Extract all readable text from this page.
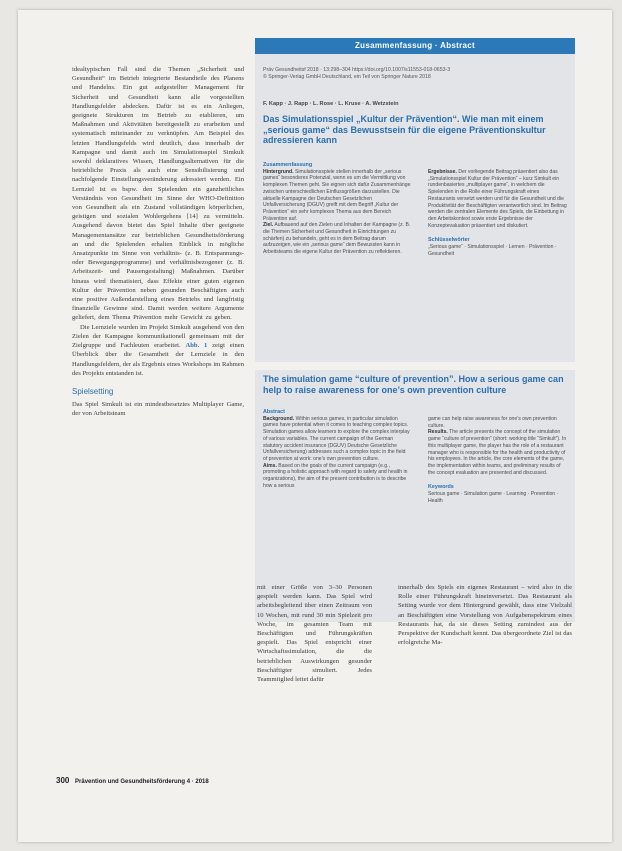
idealtypischen Fall sind die Themen „Sicherheit und Gesundheit“ im Betrieb integrierte Bestandteile des Planens und Handelns. Ein gut aufgestellter Management für Sicherheit und Gesundheit kann alle vorgestellten Handlungsfelder abdecken. Dafür ist es ein Anliegen, geeignete Strukturen im Betrieb zu etablieren, um Maßnahmen und Aktivitäten bereitgestellt zu erarbeiten und systematisch miteinander zu verknüpfen. Am Beispiel des letzten Handlungsfelds wird deutlich, dass innerhalb der Kampagne und damit auch im Simulationsspiel Simkult sowohl deklaratives Wissen, Handlungsalternativen für die betriebliche Praxis als auch eine Sensibilisierung und nachfolgende Einstellungsveränderung adressiert werden. Ein Lernziel ist es bspw. den Spielenden ein ganzheitliches Verständnis von Gesundheit im Sinne der WHO-Definition von Gesundheit als ein Zustand vollständigen körperlichen, geistigen und sozialen Wohlergehens [14] zu vermitteln. Ausgehend davon bietet das Spiel Inhalte über geeignete Managementansätze zur betrieblichen Gesundheitsförderung an und die Spielenden erhalten Einblick in mögliche Ansatzpunkte im Sinne von verhältnis- (z. B. Entspannungs- oder Bewegungsprogramme) und verhältnisbezogener (z. B. Arbeitszeit- und Pausengestaltung) Maßnahmen. Darüber hinaus wird thematisiert, dass Effekte einer guten eigenen Kultur der Prävention neben gesunden Beschäftigten auch eine positive Außendarstellung eines Betriebs und langfristig finanzielle Gewinne sind. Damit werden weitere Argumente geliefert, dem Thema Prävention mehr Gewicht zu geben.

Die Lernziele wurden im Projekt Simkult ausgehend von den Zielen der Kampagne kommunikationell gemeinsam mit der Zielgruppe und Fachleuten erarbeitet. Abb. 1 zeigt einen Überblick über die Gesamtheit der Lernziele in den Handlungsfeldern, der als Ergebnis eines Workshops im Rahmen des Projekts entstanden ist.

Spielsetting

Das Spiel Simkult ist ein mindestbesetztes Multiplayer Game, der von Arbeitsteam

Zusammenfassung · Abstract
Präv Gesundheitsf 2018 · 13:298–304 https://doi.org/10.1007/s11553-018-0653-3
© Springer-Verlag GmbH Deutschland, ein Teil von Springer Nature 2018
F. Kapp · J. Rapp · L. Rose · L. Kruse · A. Wetzstein
Das Simulationsspiel „Kultur der Prävention“. Wie man mit einem „serious game“ das Bewusstsein für die eigene Präventionskultur adressieren kann
Zusammenfassung
Hintergrund. Simulationsspiele stellen innerhalb der „serious games“ besonderes Potenzial, wenn es um die Vermittlung von komplexen Themen geht. Sie eignen sich dafür Zusammenhänge zwischen unterschiedlichen Einflussgrößen darzustellen. Die aktuelle Kampagne der Deutschen Gesetzlichen Unfallversicherung (DGUV) greift mit dem Begriff „Kultur der Prävention“ ein sehr komplexes Thema aus dem Bereich Prävention auf.
Ziel. Aufbauend auf den Zielen und Inhalten der Kampagne (z. B. die Themen Sicherheit und Gesundheit in Einrichtungen zu schärfen) zu behandeln, geht es in dem Beitrag darum aufzuzeigen, wie ein „serious game“ dem Bewussten kann in Arbeitsteams die eigene Kultur der Prävention zu reflektieren.
Ergebnisse. Der vorliegende Beitrag präsentiert also das „Simulationsspiel Kultur der Prävention“ – kurz Simkult ein rundenbasiertes „multiplayer game“, in welchem die Spielenden in die Rolle einer Führungskraft eines Restaurants versetzt werden und für die Gesundheit und die Produktivität der Beschäftigten verantwortlich sind. Im Beitrag werden die zentralen Elemente des Spiels, die Einbettung in den Arbeitskontext sowie erste Ergebnisse der Konzeptevaluation präsentiert und diskutiert.
Schlüsselwörter
„Serious game“ · Simulationsspiel · Lernen · Prävention · Gesundheit
The simulation game “culture of prevention”. How a serious game can help to raise awareness for one’s own prevention culture
Abstract
Background. Within serious games, in particular simulation games have potential when it comes to teaching complex topics. Simulation games allow learners to explore the complex interplay of various variables. The current campaign of the German statutory accident insurance (DGUV) Deutsche Gesetzliche Unfallversicherung) addresses such a complex topic in the field of prevention at work: one’s own prevention culture.
Aims. Based on the goals of the current campaign (e.g., promoting a holistic approach with regard to safety and health in organizations), the aim of the present contribution is to describe how a serious
game can help raise awareness for one’s own prevention culture.
Results. The article presents the concept of the simulation game “culture of prevention” (short: working title “Simkult”). In this multiplayer game, the player has the role of a restaurant manager who is responsible for the health and productivity of his employees. In the article, the core elements of the game, the implementation within teams, and preliminary results of the concept evaluation are presented and discussed.
Keywords
Serious game · Simulation game · Learning · Prevention · Health

mit einer Größe von 3–30 Personen gespielt werden kann. Das Spiel wird arbeitsbegleitend über einen Zeitraum von 10 Wochen, mit rund 30 min Spielzeit pro Woche, im gesamten Team mit Beschäftigten und Führungskräften gespielt. Das Spiel entspricht einer Wirtschaftssimulation, die die betrieblichen Auswirkungen gesunder Beschäftigter simuliert. Jedes Teammitglied leitet dafür

innerhalb des Spiels ein eigenes Restaurant – wird also in die Rolle einer Führungskraft hineinversetzt. Das Restaurant als Setting wurde vor dem Hintergrund gewählt, dass eine Vielzahl an Beschäftigten eine Vorstellung von Aufgabenspektrum eines Restaurants hat, da sie dieses Setting zumindest aus der Perspektive der Kundschaft kennt. Das übergeordnete Ziel ist das erfolgreiche Ma-

300 Prävention und Gesundheitsförderung 4 · 2018
